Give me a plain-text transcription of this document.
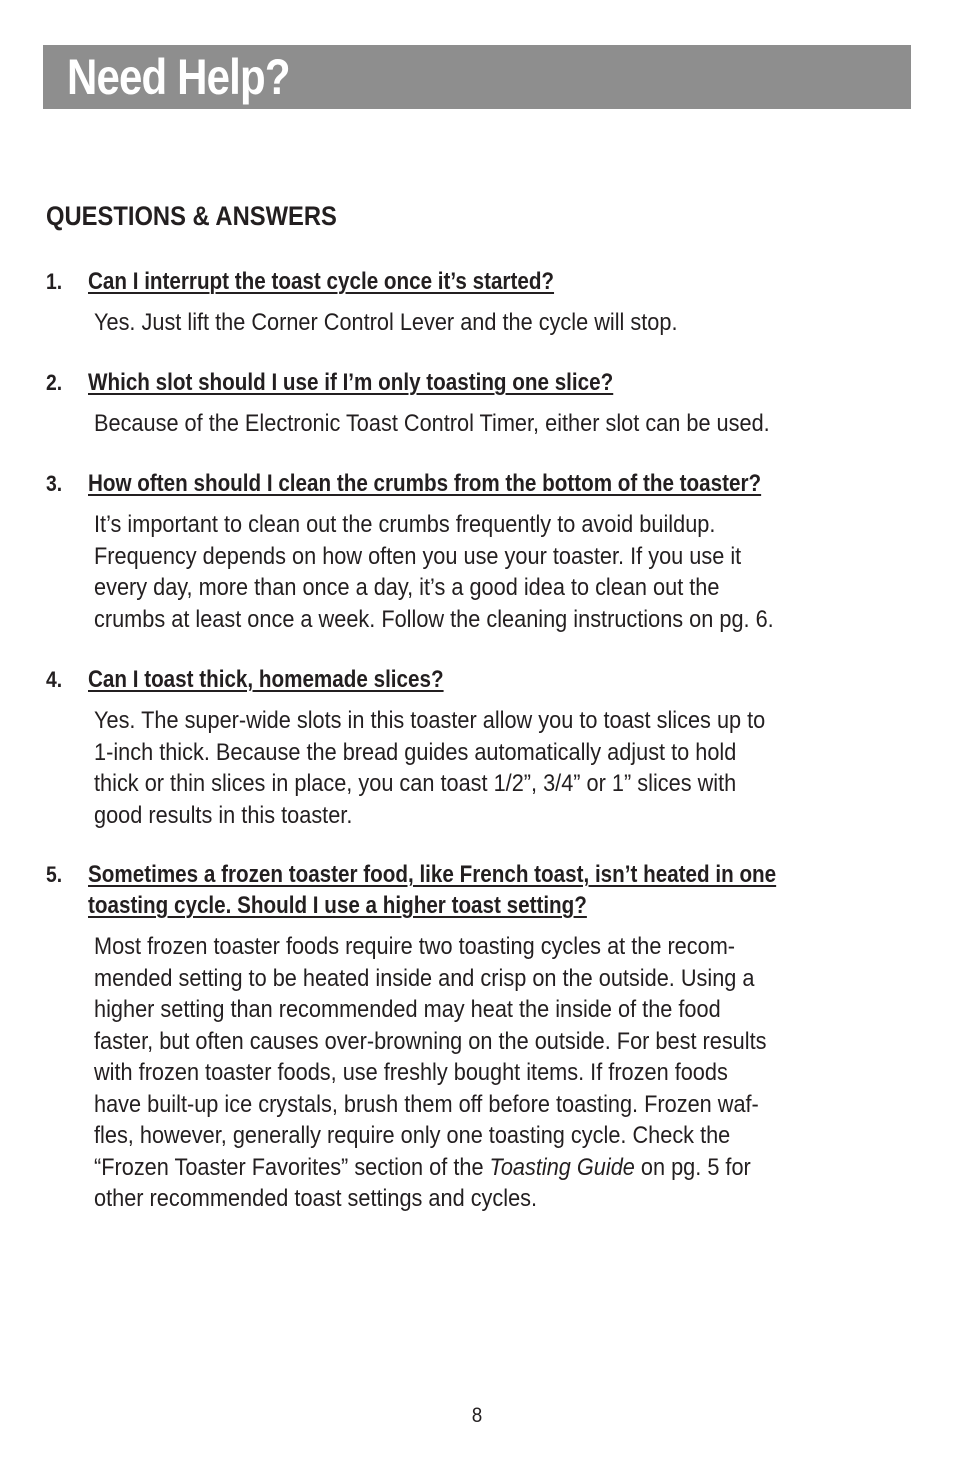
Need Help?
QUESTIONS & ANSWERS
1. Can I interrupt the toast cycle once it’s started?

Yes. Just lift the Corner Control Lever and the cycle will stop.

2. Which slot should I use if I’m only toasting one slice?

Because of the Electronic Toast Control Timer, either slot can be used.

3. How often should I clean the crumbs from the bottom of the toaster?

It’s important to clean out the crumbs frequently to avoid buildup.

Frequency depends on how often you use your toaster. If you use it

every day, more than once a day, it’s a good idea to clean out the

crumbs at least once a week. Follow the cleaning instructions on pg. 6.

4. Can I toast thick, homemade slices?

Yes. The super-wide slots in this toaster allow you to toast slices up to

1-inch thick. Because the bread guides automatically adjust to hold

thick or thin slices in place, you can toast 1/2”, 3/4” or 1” slices with

good results in this toaster.

5. Sometimes a frozen toaster food, like French toast, isn’t heated in one
toasting cycle. Should I use a higher toast setting?

Most frozen toaster foods require two toasting cycles at the recom-

mended setting to be heated inside and crisp on the outside. Using a

higher setting than recommended may heat the inside of the food

faster, but often causes over-browning on the outside. For best results

with frozen toaster foods, use freshly bought items. If frozen foods

have built-up ice crystals, brush them off before toasting. Frozen waf-

fles, however, generally require only one toasting cycle. Check the

“Frozen Toaster Favorites” section of the Toasting Guide on pg. 5 for

other recommended toast settings and cycles.

8
